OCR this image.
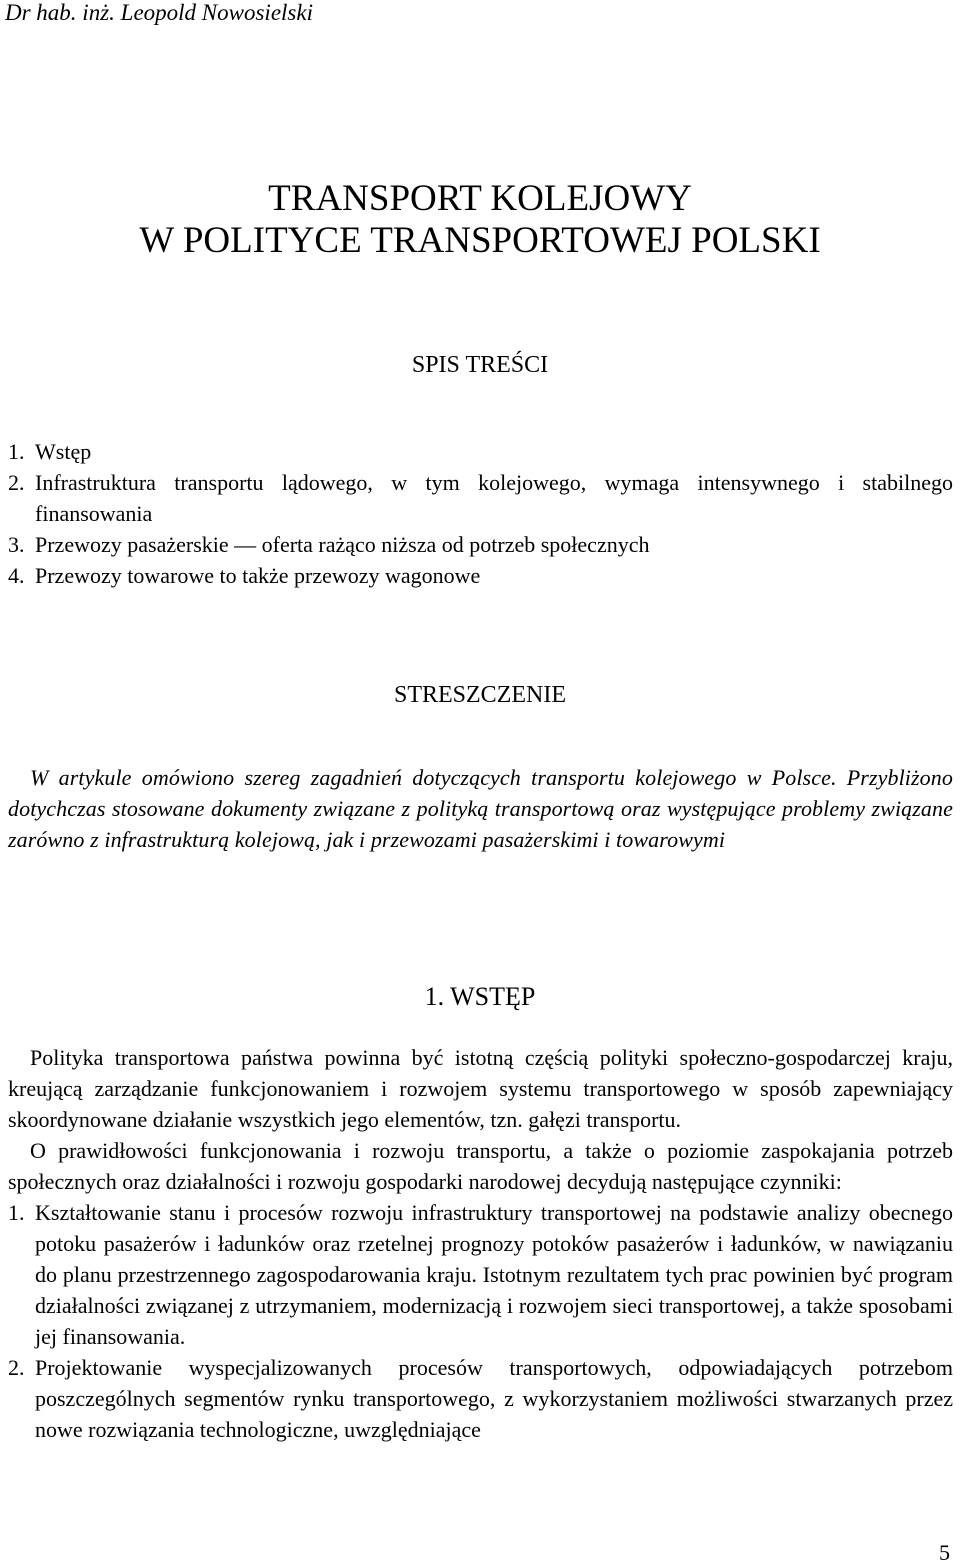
Dr hab. inż. Leopold Nowosielski
TRANSPORT KOLEJOWY
W POLITYCE TRANSPORTOWEJ POLSKI
SPIS TREŚCI
1. Wstęp
2. Infrastruktura transportu lądowego, w tym kolejowego, wymaga intensywnego i stabilnego finansowania
3. Przewozy pasażerskie — oferta rażąco niższa od potrzeb społecznych
4. Przewozy towarowe to także przewozy wagonowe
STRESZCZENIE
W artykule omówiono szereg zagadnień dotyczących transportu kolejowego w Polsce. Przybliżono dotychczas stosowane dokumenty związane z polityką transportową oraz występujące problemy związane zarówno z infrastrukturą kolejową, jak i przewozami pasażerskimi i towarowymi
1. WSTĘP
Polityka transportowa państwa powinna być istotną częścią polityki społeczno-gospodarczej kraju, kreującą zarządzanie funkcjonowaniem i rozwojem systemu transportowego w sposób zapewniający skoordynowane działanie wszystkich jego elementów, tzn. gałęzi transportu.
O prawidłowości funkcjonowania i rozwoju transportu, a także o poziomie zaspokajania potrzeb społecznych oraz działalności i rozwoju gospodarki narodowej decydują następujące czynniki:
1. Kształtowanie stanu i procesów rozwoju infrastruktury transportowej na podstawie analizy obecnego potoku pasażerów i ładunków oraz rzetelnej prognozy potoków pasażerów i ładunków, w nawiązaniu do planu przestrzennego zagospodarowania kraju. Istotnym rezultatem tych prac powinien być program działalności związanej z utrzymaniem, modernizacją i rozwojem sieci transportowej, a także sposobami jej finansowania.
2. Projektowanie wyspecjalizowanych procesów transportowych, odpowiadających potrzebom poszczególnych segmentów rynku transportowego, z wykorzystaniem możliwości stwarzanych przez nowe rozwiązania technologiczne, uwzględniające
5
